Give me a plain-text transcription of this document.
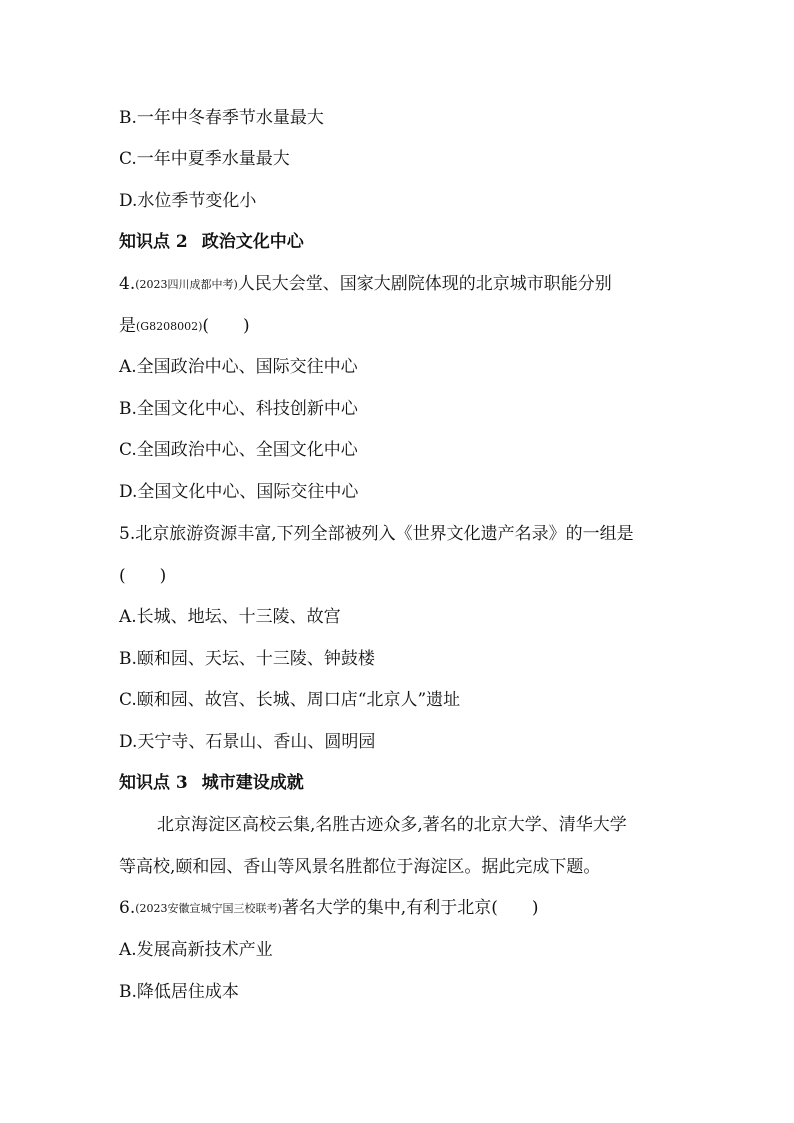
B.一年中冬春季节水量最大
C.一年中夏季水量最大
D.水位季节变化小
知识点 2 政治文化中心
4.(2023四川成都中考)人民大会堂、国家大剧院体现的北京城市职能分别
是(G8208002)(　　)
A.全国政治中心、国际交往中心
B.全国文化中心、科技创新中心
C.全国政治中心、全国文化中心
D.全国文化中心、国际交往中心
5.北京旅游资源丰富,下列全部被列入《世界文化遗产名录》的一组是
(　　)
A.长城、地坛、十三陵、故宫
B.颐和园、天坛、十三陵、钟鼓楼
C.颐和园、故宫、长城、周口店“北京人”遗址
D.天宁寺、石景山、香山、圆明园
知识点 3 城市建设成就
北京海淀区高校云集,名胜古迹众多,著名的北京大学、清华大学
等高校,颐和园、香山等风景名胜都位于海淀区。据此完成下题。
6.(2023安徽宣城宁国三校联考)著名大学的集中,有利于北京(　　)
A.发展高新技术产业
B.降低居住成本
